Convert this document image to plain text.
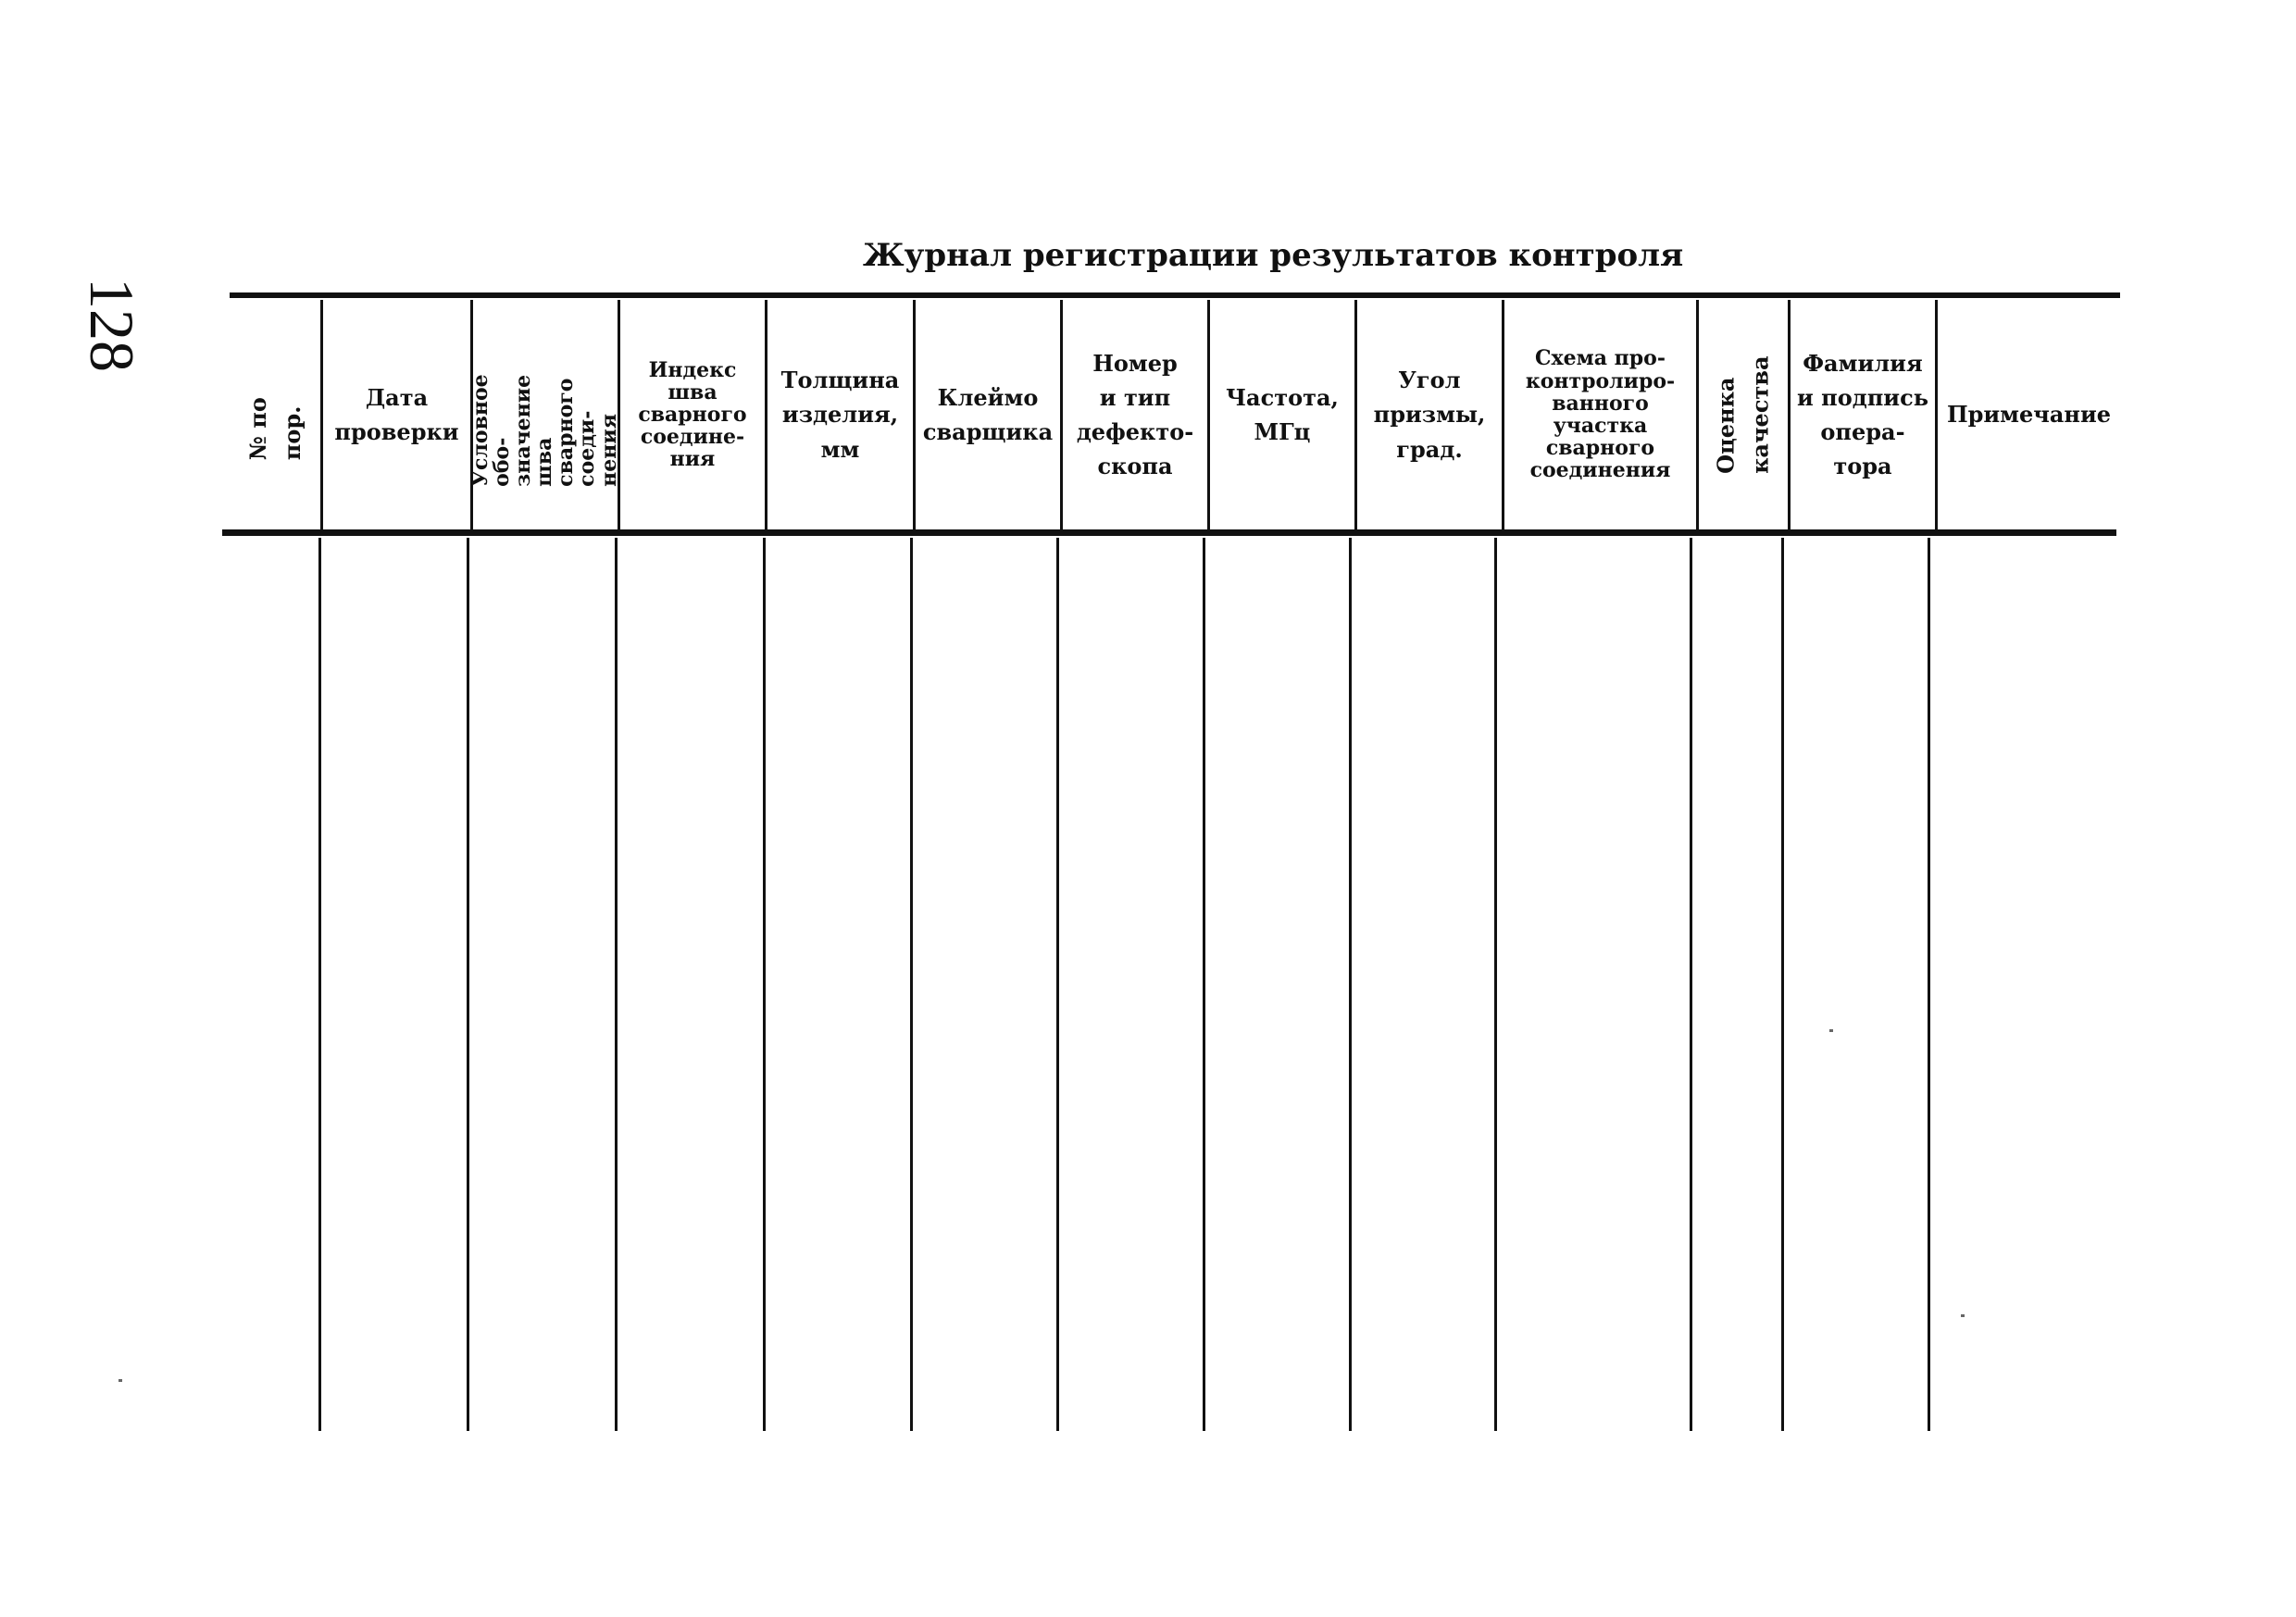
128
Журнал регистрации результатов контроля
№ по пор.
Дата
проверки Условное обо-
значение шва
сварного соеди-
нения
Индекс
шва
сварного
соедине-
ния
Толщина
изделия,
мм
Клеймо
сварщика
Номер
и тип
дефекто-
скопа
Частота,
МГц
Угол
призмы,
град.
Схема про-
контролиро-
ванного
участка
сварного
соединения Оценка качества Фамилия
и подпись
опера-
тора
Примечание
